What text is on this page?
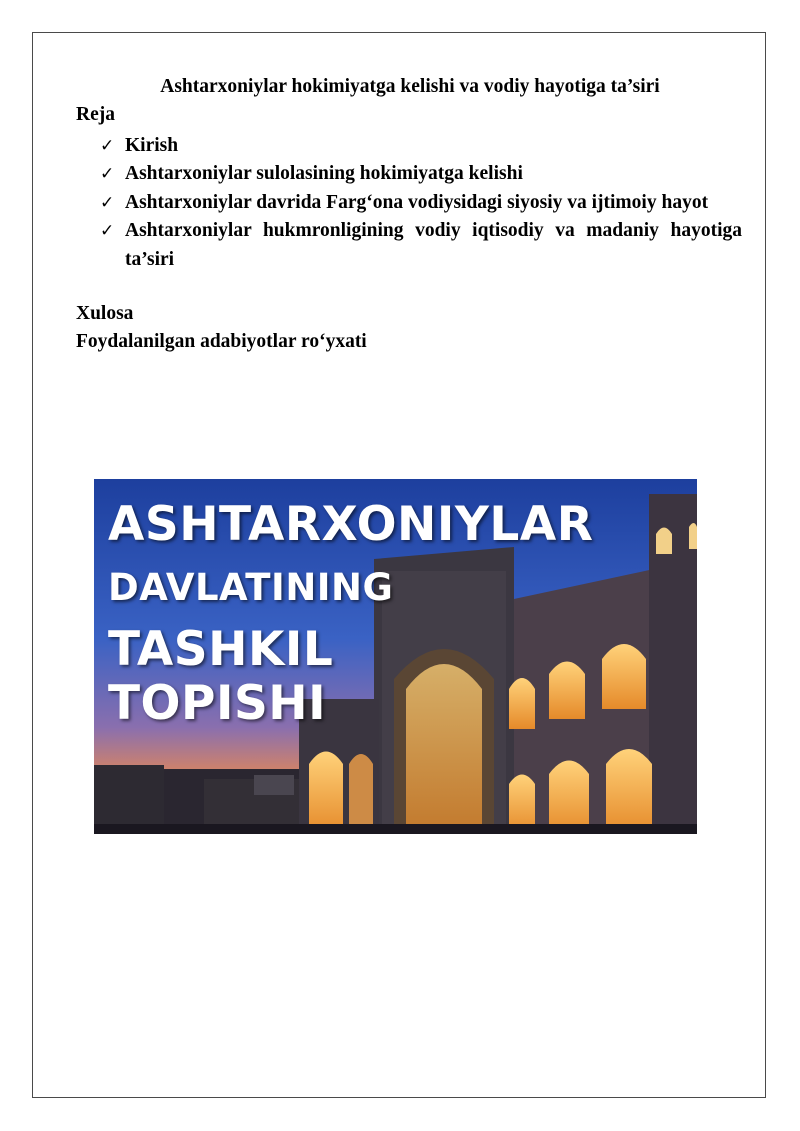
Ashtarxoniylar hokimiyatga kelishi va vodiy hayotiga ta’siri
Reja
✓ Kirish
✓ Ashtarxoniylar sulolasining hokimiyatga kelishi
✓ Ashtarxoniylar davrida Farg‘ona vodiysidagi siyosiy va ijtimoiy hayot
✓ Ashtarxoniylar hukmronligining vodiy iqtisodiy va madaniy hayotiga ta’siri
Xulosa
Foydalanilgan adabiyotlar ro‘yxati
ASHTARXONIYLAR
DAVLATINING
TASHKIL
TOPISHI
